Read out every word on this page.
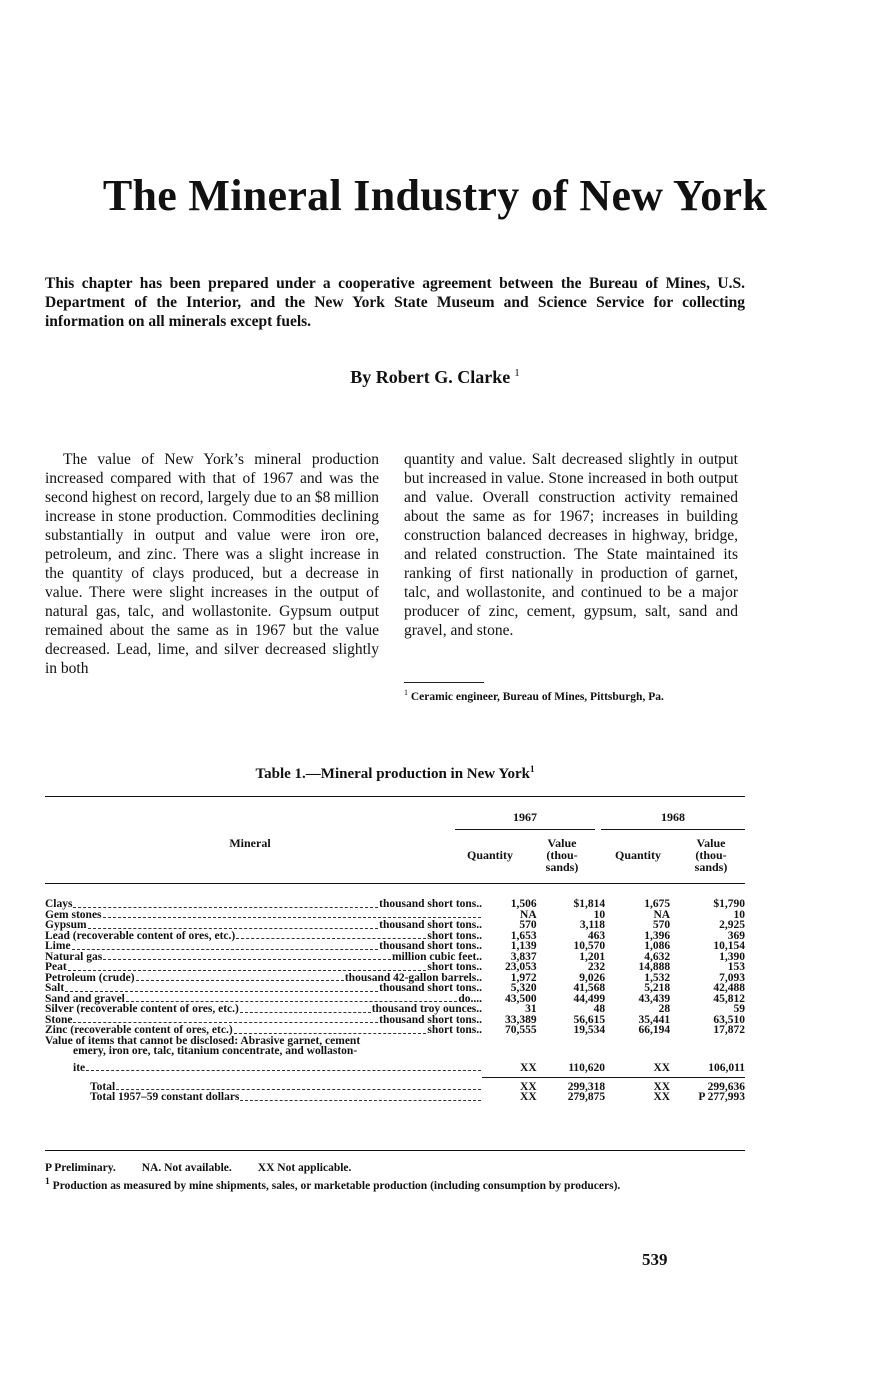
The Mineral Industry of New York
This chapter has been prepared under a cooperative agreement between the Bureau of Mines, U.S. Department of the Interior, and the New York State Museum and Science Service for collecting information on all minerals except fuels.
By Robert G. Clarke $^1$
The value of New York’s mineral production increased compared with that of 1967 and was the second highest on record, largely due to an $8 million increase in stone production. Commodities declining substantially in output and value were iron ore, petroleum, and zinc. There was a slight increase in the quantity of clays produced, but a decrease in value. There were slight increases in the output of natural gas, talc, and wollastonite. Gypsum output remained about the same as in 1967 but the value decreased. Lead, lime, and silver decreased slightly in both
quantity and value. Salt decreased slightly in output but increased in value. Stone increased in both output and value. Overall construction activity remained about the same as for 1967; increases in building construction balanced decreases in highway, bridge, and related construction. The State maintained its ranking of first nationally in production of garnet, talc, and wollastonite, and continued to be a major producer of zinc, cement, gypsum, salt, sand and gravel, and stone.
$^1$ Ceramic engineer, Bureau of Mines, Pittsburgh, Pa.
Table 1.—Mineral production in New York$^1$
Mineral
1967	1968
Quantity
Value
(thou-
sands)
Quantity
Value
(thou-
sands)
Clays thousand short tons..	1,506	$1,814	1,675	$1,790

Gem stones	NA	10	NA	10

Gypsum thousand short tons..	570	3,118	570	2,925

Lead (recoverable content of ores, etc.) short tons..	1,653	463	1,396	369

Lime thousand short tons..	1,139	10,570	1,086	10,154

Natural gas million cubic feet..	3,837	1,201	4,632	1,390

Peat short tons..	23,053	232	14,888	153

Petroleum (crude) thousand 42-gallon barrels..	1,972	9,026	1,532	7,093

Salt thousand short tons..	5,320	41,568	5,218	42,488

Sand and gravel do....	43,500	44,499	43,439	45,812

Silver (recoverable content of ores, etc.) thousand troy ounces..	31	48	28	59

Stone thousand short tons..	33,389	56,615	35,441	63,510

Zinc (recoverable content of ores, etc.) short tons..	70,555	19,534	66,194	17,872
Value of items that cannot be disclosed: Abrasive garnet, cement				
emery, iron ore, talc, titanium concentrate, and wollaston-				

ite	XX	110,620	XX	106,011

Total	XX	299,318	XX	299,636

Total 1957–59 constant dollars	XX	279,875	XX	P 277,993
P Preliminary. NA. Not available. XX Not applicable.
$^1$ Production as measured by mine shipments, sales, or marketable production (including consumption by producers).
539
